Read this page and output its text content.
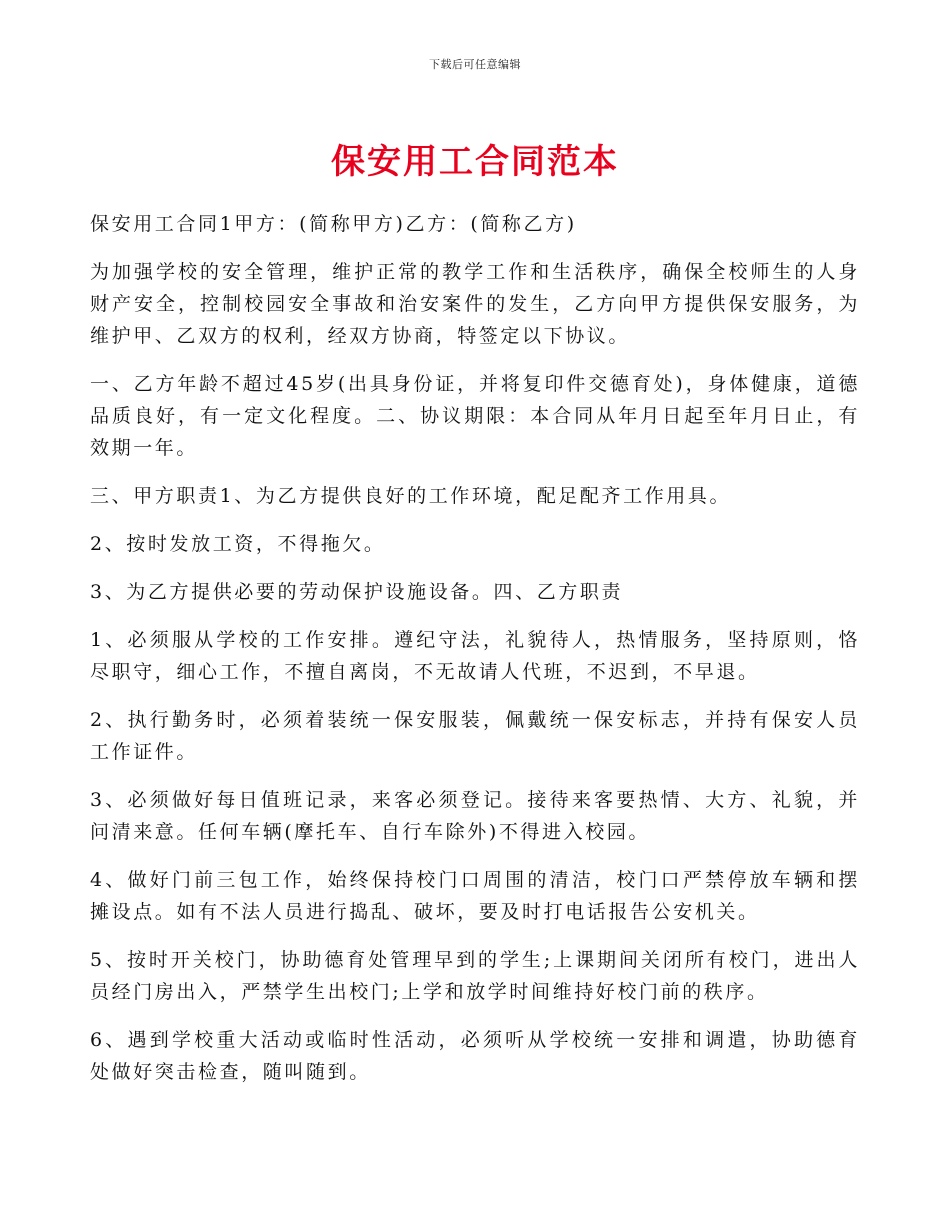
下载后可任意编辑
保安用工合同范本

保安用工合同1甲方：(简称甲方)乙方：(简称乙方)

为加强学校的安全管理，维护正常的教学工作和生活秩序，确保全校师生的人身财产安全，控制校园安全事故和治安案件的发生，乙方向甲方提供保安服务，为维护甲、乙双方的权利，经双方协商，特签定以下协议。

一、乙方年龄不超过45岁(出具身份证，并将复印件交德育处)，身体健康，道德品质良好，有一定文化程度。二、协议期限：本合同从年月日起至年月日止，有效期一年。

三、甲方职责1、为乙方提供良好的工作环境，配足配齐工作用具。

2、按时发放工资，不得拖欠。

3、为乙方提供必要的劳动保护设施设备。四、乙方职责

1、必须服从学校的工作安排。遵纪守法，礼貌待人，热情服务，坚持原则，恪尽职守，细心工作，不擅自离岗，不无故请人代班，不迟到，不早退。

2、执行勤务时，必须着装统一保安服装，佩戴统一保安标志，并持有保安人员工作证件。

3、必须做好每日值班记录，来客必须登记。接待来客要热情、大方、礼貌，并问清来意。任何车辆(摩托车、自行车除外)不得进入校园。

4、做好门前三包工作，始终保持校门口周围的清洁，校门口严禁停放车辆和摆摊设点。如有不法人员进行捣乱、破坏，要及时打电话报告公安机关。

5、按时开关校门，协助德育处管理早到的学生;上课期间关闭所有校门，进出人员经门房出入，严禁学生出校门;上学和放学时间维持好校门前的秩序。

6、遇到学校重大活动或临时性活动，必须听从学校统一安排和调遣，协助德育处做好突击检查，随叫随到。
